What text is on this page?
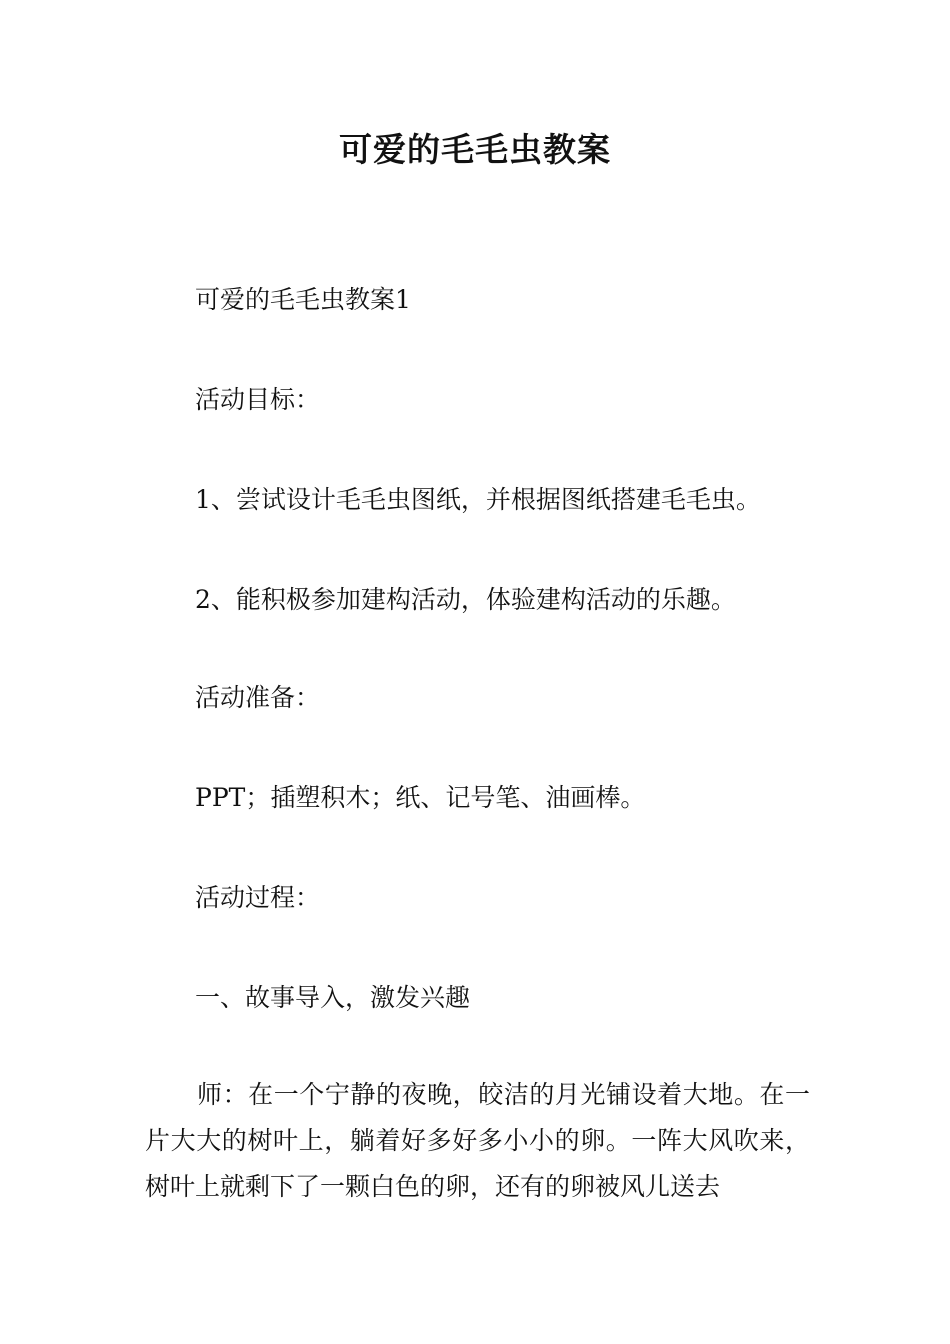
可爱的毛毛虫教案
可爱的毛毛虫教案1
活动目标：
1、尝试设计毛毛虫图纸，并根据图纸搭建毛毛虫。
2、能积极参加建构活动，体验建构活动的乐趣。
活动准备：
PPT；插塑积木；纸、记号笔、油画棒。
活动过程：
一、故事导入，激发兴趣
师：在一个宁静的夜晚，皎洁的月光铺设着大地。在一片大大的树叶上，躺着好多好多小小的卵。一阵大风吹来，树叶上就剩下了一颗白色的卵，还有的卵被风儿送去
